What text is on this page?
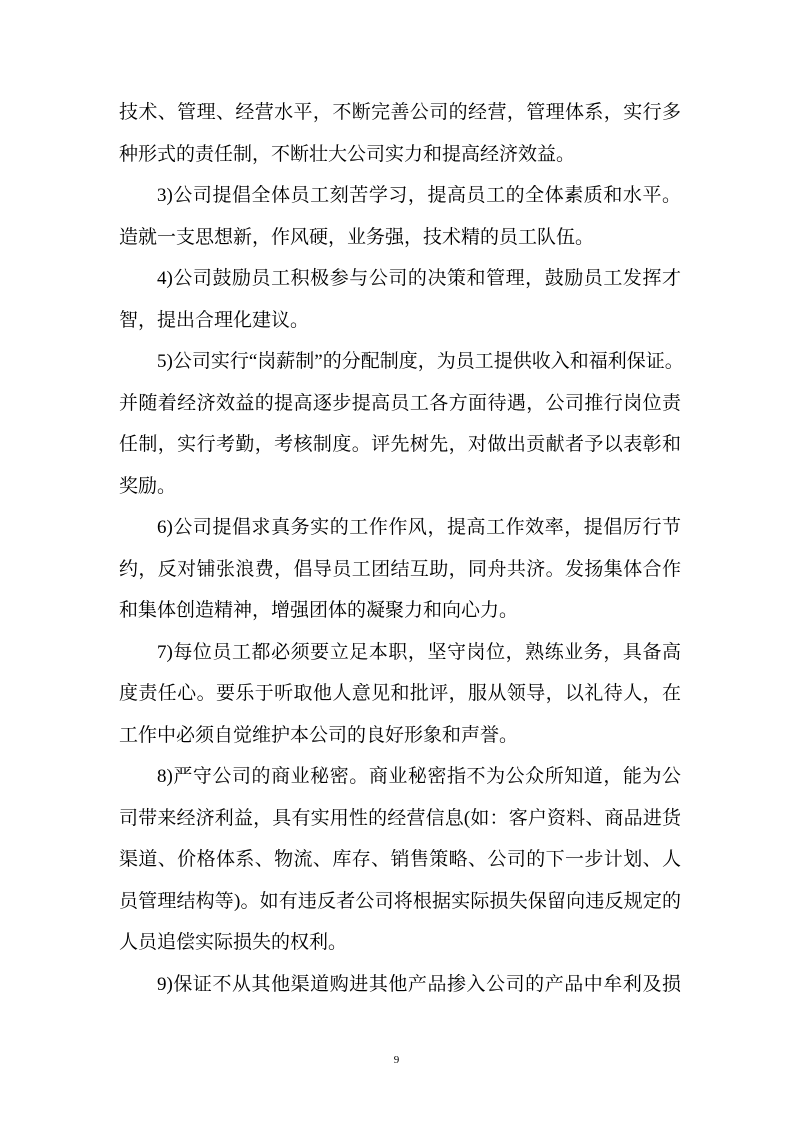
技术、管理、经营水平，不断完善公司的经营，管理体系，实行多
种形式的责任制，不断壮大公司实力和提高经济效益。
3)公司提倡全体员工刻苦学习，提高员工的全体素质和水平。
造就一支思想新，作风硬，业务强，技术精的员工队伍。
4)公司鼓励员工积极参与公司的决策和管理，鼓励员工发挥才
智，提出合理化建议。
5)公司实行“岗薪制”的分配制度，为员工提供收入和福利保证。
并随着经济效益的提高逐步提高员工各方面待遇，公司推行岗位责
任制，实行考勤，考核制度。评先树先，对做出贡献者予以表彰和
奖励。
6)公司提倡求真务实的工作作风，提高工作效率，提倡厉行节
约，反对铺张浪费，倡导员工团结互助，同舟共济。发扬集体合作
和集体创造精神，增强团体的凝聚力和向心力。
7)每位员工都必须要立足本职，坚守岗位，熟练业务，具备高
度责任心。要乐于听取他人意见和批评，服从领导，以礼待人，在
工作中必须自觉维护本公司的良好形象和声誉。
8)严守公司的商业秘密。商业秘密指不为公众所知道，能为公
司带来经济利益，具有实用性的经营信息(如：客户资料、商品进货
渠道、价格体系、物流、库存、销售策略、公司的下一步计划、人
员管理结构等)。如有违反者公司将根据实际损失保留向违反规定的
人员追偿实际损失的权利。
9)保证不从其他渠道购进其他产品掺入公司的产品中牟利及损
9
